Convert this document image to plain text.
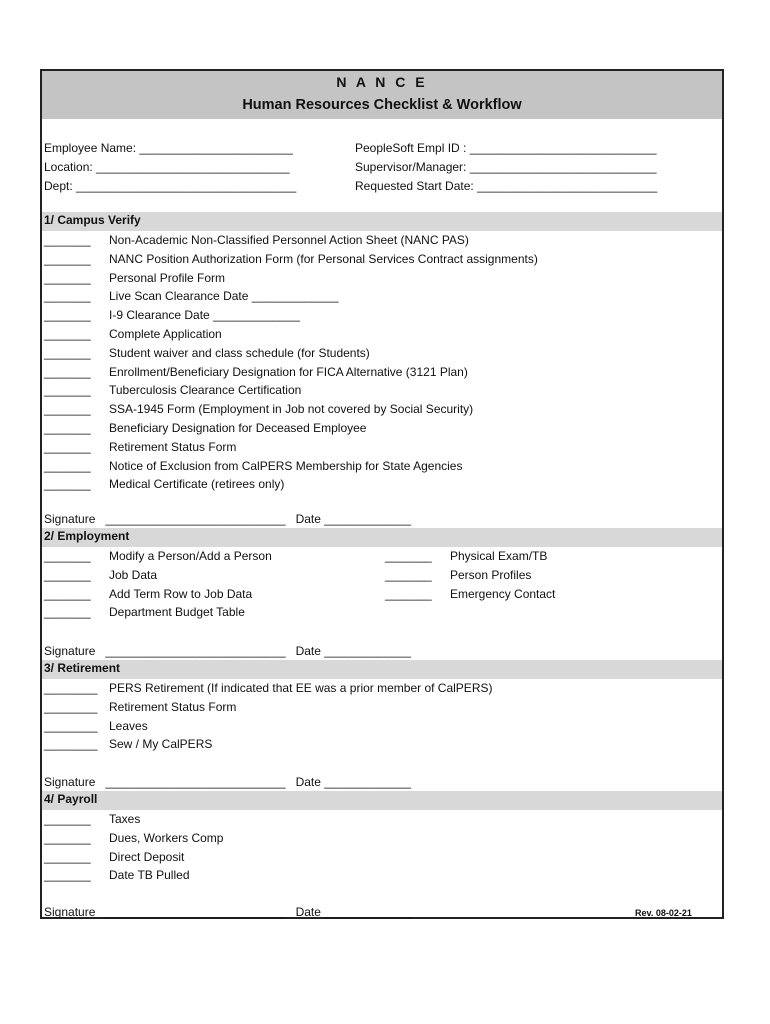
N A N C E
Human Resources Checklist & Workflow
Employee Name: _______________________
Location: _____________________________
Dept: _________________________________
PeopleSoft Empl ID : ____________________________
Supervisor/Manager: ____________________________
Requested Start Date: ___________________________
1/ Campus Verify
_______ Non-Academic Non-Classified Personnel Action Sheet (NANC PAS)
_______ NANC Position Authorization Form (for Personal Services Contract assignments)
_______ Personal Profile Form
_______ Live Scan Clearance Date _____________
_______ I-9 Clearance Date _____________
_______ Complete Application
_______ Student waiver and class schedule (for Students)
_______ Enrollment/Beneficiary Designation for FICA Alternative (3121 Plan)
_______ Tuberculosis Clearance Certification
_______ SSA-1945 Form (Employment in Job not covered by Social Security)
_______ Beneficiary Designation for Deceased Employee
_______ Retirement Status Form
_______ Notice of Exclusion from CalPERS Membership for State Agencies
_______ Medical Certificate (retirees only)
Signature   ___________________________   Date _____________
2/ Employment
_______ Modify a Person/Add a Person
_______ Job Data
_______ Add Term Row to Job Data
_______ Department Budget Table
_______ Physical Exam/TB
_______ Person Profiles
_______ Emergency Contact
Signature   ___________________________   Date _____________
3/ Retirement
________ PERS Retirement (If indicated that EE was a prior member of CalPERS)
________ Retirement Status Form
________ Leaves
________ Sew / My CalPERS
Signature   ___________________________   Date _____________
4/ Payroll
_______ Taxes
_______ Dues, Workers Comp
_______ Direct Deposit
_______ Date TB Pulled
Signature   ___________________________   Date _____________	Rev. 08-02-21
